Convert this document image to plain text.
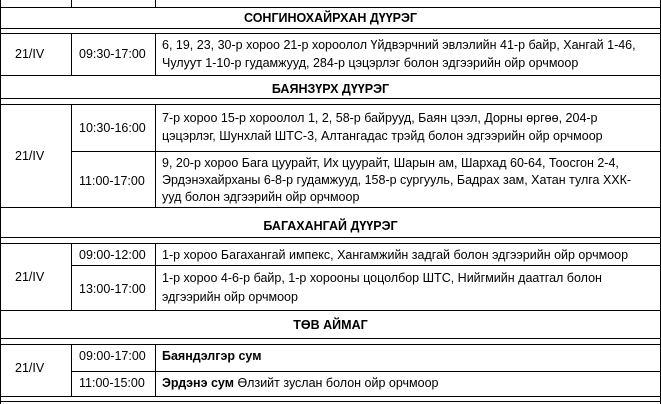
СОНГИНОХАЙРХАН ДҮҮРЭГ
21/IV	09:30-17:00
6, 19, 23, 30-р хороо 21-р хороолол Үйдвэрчний эвлэлийн 41-р байр, Хангай 1-46,
Чулуут 1-10-р гудамжууд, 284-р цэцэрлэг болон эдгээрийн ойр орчмоор
БАЯНЗҮРХ ДҮҮРЭГ
21/IV
10:30-16:00
7-р хороо 15-р хороолол 1, 2, 58-р байрууд, Баян цээл, Дорны өргөө, 204-р
цэцэрлэг, Шунхлай ШТС-3, Алтангадас трэйд болон эдгээрийн ойр орчмоор
11:00-17:00
9, 20-р хороо Бага цуурайт, Их цуурайт, Шарын ам, Шархад 60-64, Тоосгон 2-4,
Эрдэнэхайрханы 6-8-р гудамжууд, 158-р сургууль, Бадрах зам, Хатан тулга ХХК-
ууд болон эдгээрийн ойр орчмоор
БАГАХАНГАЙ ДҮҮРЭГ
21/IV
09:00-12:00 1-р хороо Багахангай импекс, Хангамжийн задгай болон эдгээрийн ойр орчмоор
13:00-17:00
1-р хороо 4-6-р байр, 1-р хорооны цоцолбор ШТС, Нийгмийн даатгал болон
эдгээрийн ойр орчмоор
ТӨВ АЙМАГ
21/IV
09:00-17:00 Баяндэлгэр сум
11:00-15:00 Эрдэнэ сум Өлзийт зуслан болон ойр орчмоор
